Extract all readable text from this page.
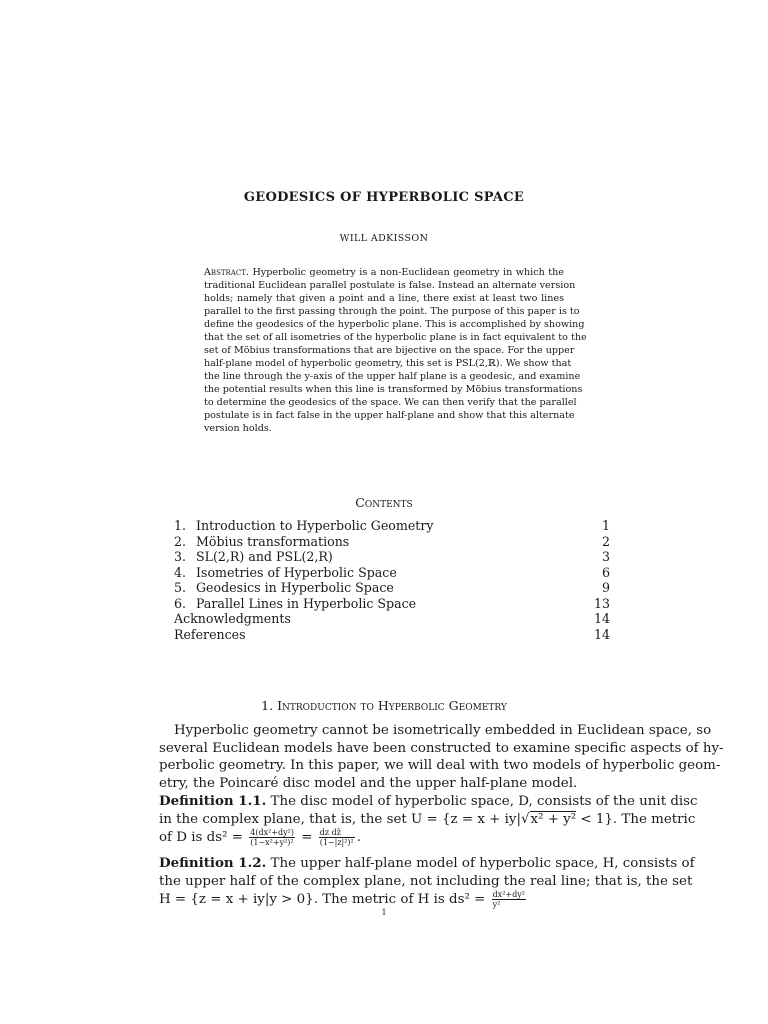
GEODESICS OF HYPERBOLIC SPACE
WILL ADKISSON
Abstract. Hyperbolic geometry is a non-Euclidean geometry in which the
traditional Euclidean parallel postulate is false. Instead an alternate version
holds; namely that given a point and a line, there exist at least two lines
parallel to the first passing through the point. The purpose of this paper is to
define the geodesics of the hyperbolic plane. This is accomplished by showing
that the set of all isometries of the hyperbolic plane is in fact equivalent to the
set of Möbius transformations that are bijective on the space. For the upper
half-plane model of hyperbolic geometry, this set is PSL(2,ℝ). We show that
the line through the y-axis of the upper half plane is a geodesic, and examine
the potential results when this line is transformed by Möbius transformations
to determine the geodesics of the space. We can then verify that the parallel
postulate is in fact false in the upper half-plane and show that this alternate
version holds.
Contents
1. Introduction to Hyperbolic Geometry	1
2. Möbius transformations	2
3. SL(2,R) and PSL(2,R)	3
4. Isometries of Hyperbolic Space	6
5. Geodesics in Hyperbolic Space	9
6. Parallel Lines in Hyperbolic Space	13
Acknowledgments	14
References	14
1. Introduction to Hyperbolic Geometry
Hyperbolic geometry cannot be isometrically embedded in Euclidean space, so
several Euclidean models have been constructed to examine specific aspects of hy-
perbolic geometry. In this paper, we will deal with two models of hyperbolic geom-
etry, the Poincaré disc model and the upper half-plane model.
Definition 1.1. The disc model of hyperbolic space, D, consists of the unit disc
in the complex plane, that is, the set U = {z = x + iy|√x² + y² < 1}. The metric
of D is $ds^2 = \frac{\text{4(dx²+dy²)}}{\text{(1−x²+y²)²}} = \frac{\text{dz dz̄}}{\text{(1−|z|²)²}}$ .
Definition 1.2. The upper half-plane model of hyperbolic space, H, consists of
the upper half of the complex plane, not including the real line; that is, the set
H = {z = x + iy|y > 0}. The metric of H is $ds^2 = \frac{\text{dx²+dy²}}{\text{y²}}$
1
